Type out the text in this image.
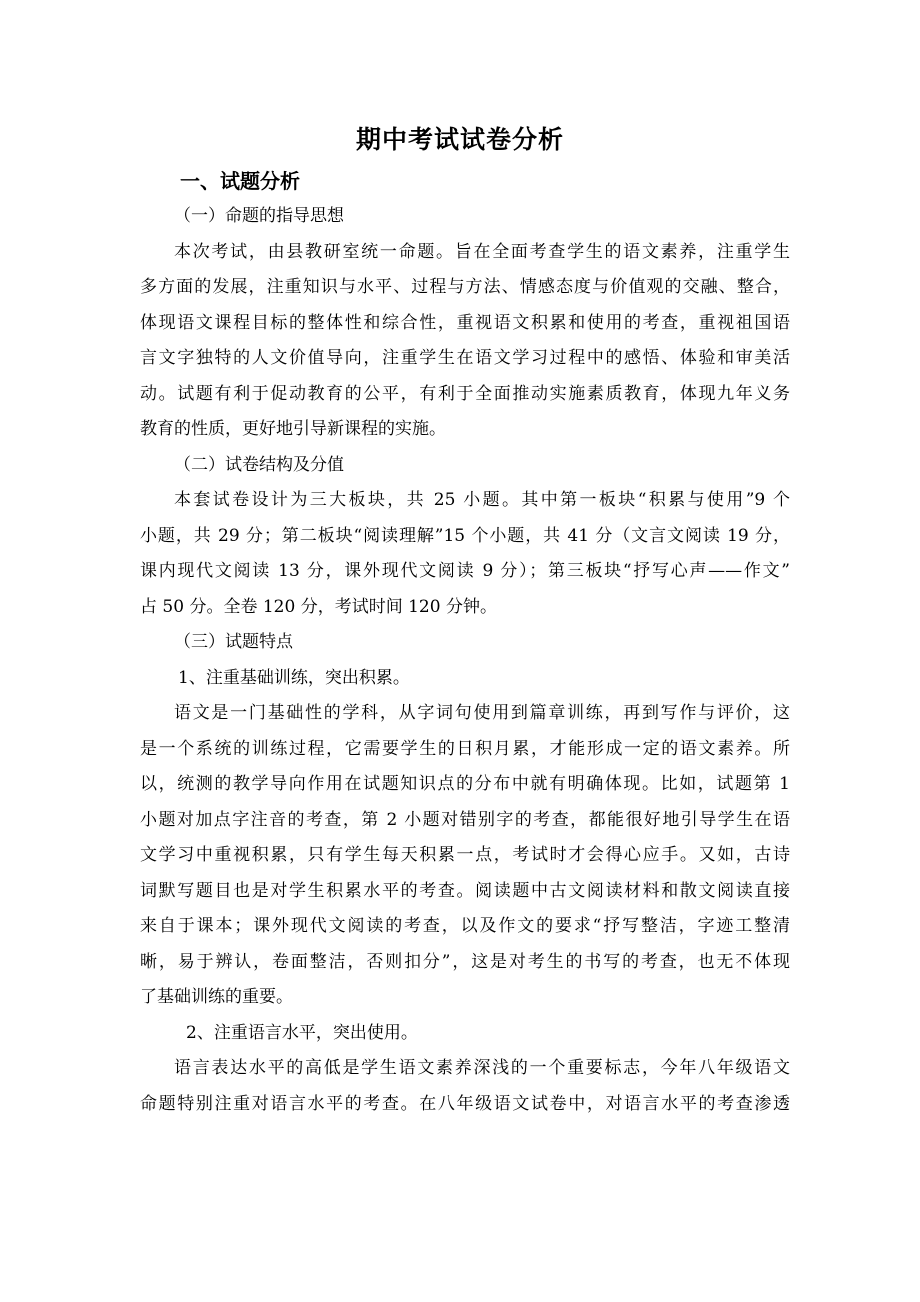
期中考试试卷分析
一、试题分析
（一）命题的指导思想
本次考试，由县教研室统一命题。旨在全面考查学生的语文素养，注重学生
多方面的发展，注重知识与水平、过程与方法、情感态度与价值观的交融、整合，
体现语文课程目标的整体性和综合性，重视语文积累和使用的考查，重视祖国语
言文字独特的人文价值导向，注重学生在语文学习过程中的感悟、体验和审美活
动。试题有利于促动教育的公平，有利于全面推动实施素质教育，体现九年义务
教育的性质，更好地引导新课程的实施。
（二）试卷结构及分值
本套试卷设计为三大板块，共 25 小题。其中第一板块“积累与使用”9 个
小题，共 29 分；第二板块“阅读理解”15 个小题，共 41 分（文言文阅读 19 分，
课内现代文阅读 13 分，课外现代文阅读 9 分）；第三板块“抒写心声——作文”
占 50 分。全卷 120 分，考试时间 120 分钟。
（三）试题特点
1、注重基础训练，突出积累。
语文是一门基础性的学科，从字词句使用到篇章训练，再到写作与评价，这
是一个系统的训练过程，它需要学生的日积月累，才能形成一定的语文素养。所
以，统测的教学导向作用在试题知识点的分布中就有明确体现。比如，试题第 1
小题对加点字注音的考查，第 2 小题对错别字的考查，都能很好地引导学生在语
文学习中重视积累，只有学生每天积累一点，考试时才会得心应手。又如，古诗
词默写题目也是对学生积累水平的考查。阅读题中古文阅读材料和散文阅读直接
来自于课本；课外现代文阅读的考查，以及作文的要求“抒写整洁，字迹工整清
晰，易于辨认，卷面整洁，否则扣分”，这是对考生的书写的考查，也无不体现
了基础训练的重要。
2、注重语言水平，突出使用。
语言表达水平的高低是学生语文素养深浅的一个重要标志，今年八年级语文
命题特别注重对语言水平的考查。在八年级语文试卷中，对语言水平的考查渗透
